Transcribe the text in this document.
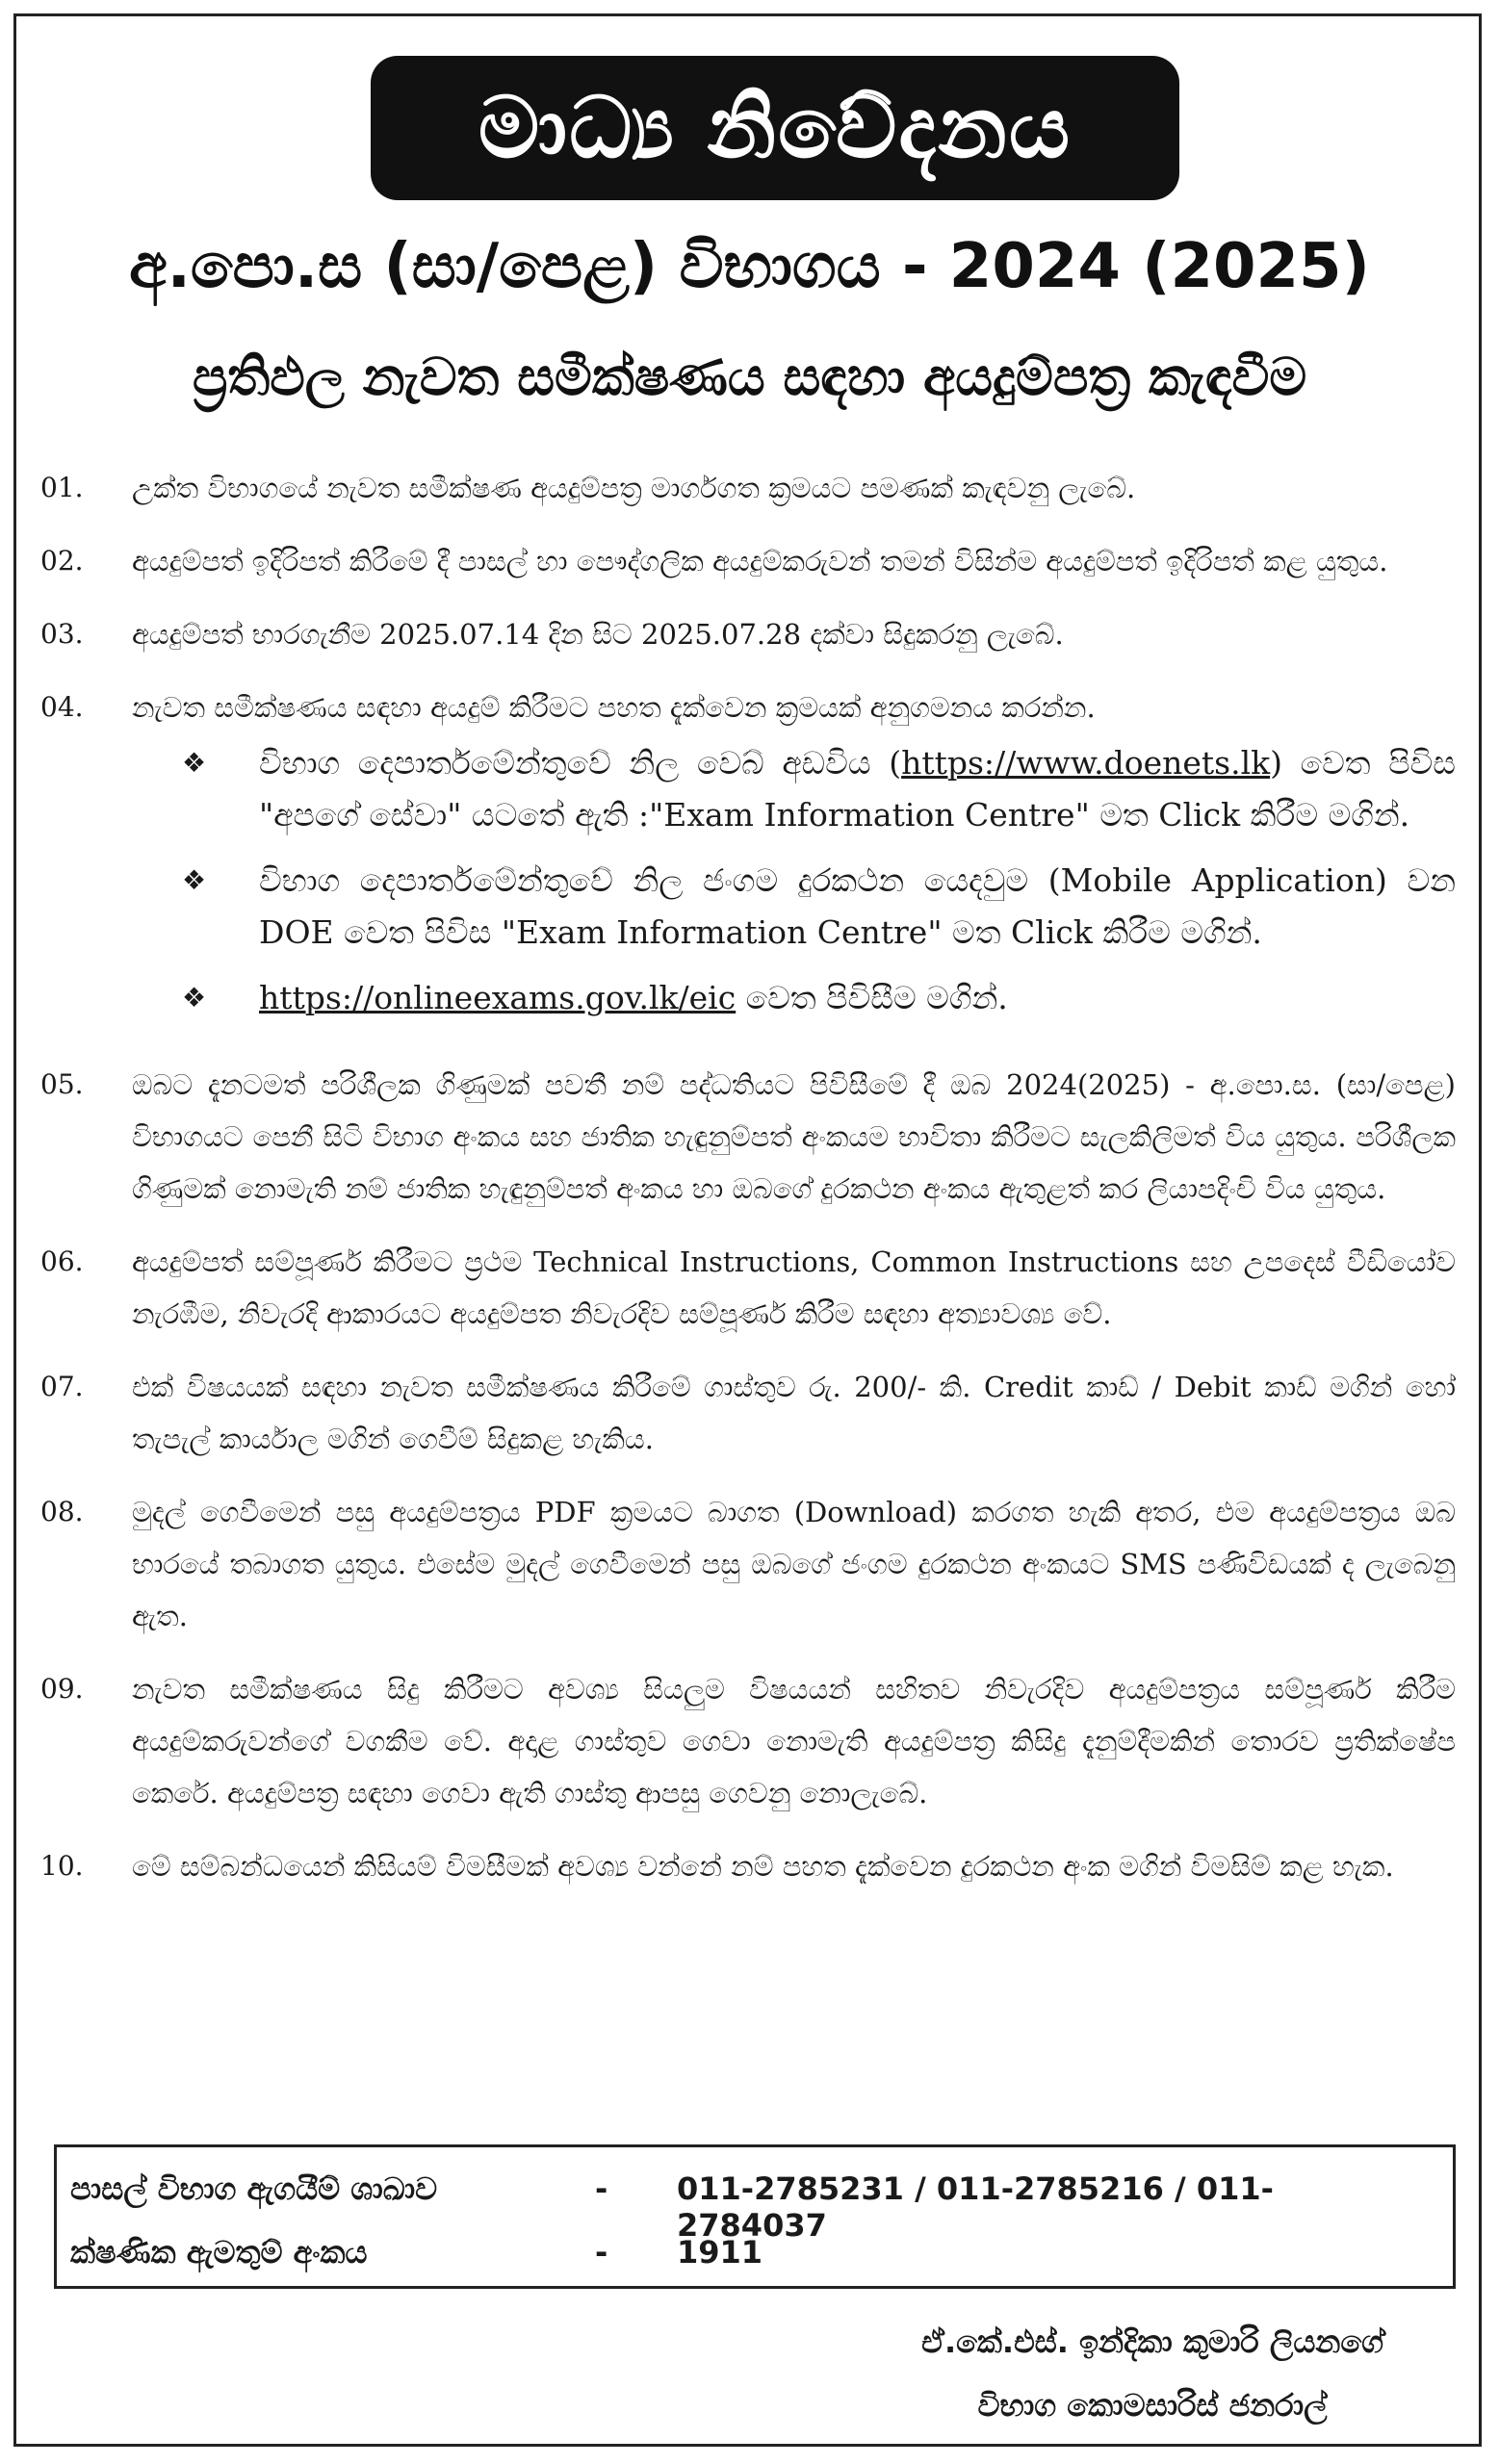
මාධ්‍ය නිවේදනය
අ.පො.ස (සා/පෙළ) විභාගය - 2024 (2025)
ප්‍රතිඵල නැවත සමීක්ෂණය සඳහා අයදුම්පත්‍ර කැඳවීම
01.	උක්ත විභාගයේ නැවත සමීක්ෂණ අයදුම්පත්‍ර මාර්ගගත ක්‍රමයට පමණක් කැඳවනු ලැබේ.
02.	අයදුම්පත් ඉදිරිපත් කිරීමේ දී පාසල් හා පෞද්ගලික අයදුම්කරුවන් තමන් විසින්ම අයදුම්පත් ඉදිරිපත් කළ යුතුය.
03.	අයදුම්පත් භාරගැනීම 2025.07.14 දින සිට 2025.07.28 දක්වා සිදුකරනු ලැබේ.
04.	නැවත සමීක්ෂණය සඳහා අයදුම් කිරීමට පහත දැක්වෙන ක්‍රමයක් අනුගමනය කරන්න.
❖	විභාග දෙපාර්තමේන්තුවේ නිල වෙබ් අඩවිය (https://www.doenets.lk) වෙත පිවිස "අපගේ සේවා" යටතේ ඇති :"Exam Information Centre" මත Click කිරීම මගින්.
❖	විභාග දෙපාර්තමේන්තුවේ නිල ජංගම දුරකථන යෙදවුම (Mobile Application) වන DOE වෙත පිවිස "Exam Information Centre" මත Click කිරීම මගින්.
❖	https://onlineexams.gov.lk/eic වෙත පිවිසීම මගින්.
05.	ඔබට දැනටමත් පරිශීලක ගිණුමක් පවතී නම් පද්ධතියට පිවිසීමේ දී ඔබ 2024(2025) - අ.පො.ස. (සා/පෙළ) විභාගයට පෙනී සිටි විභාග අංකය සහ ජාතික හැඳුනුම්පත් අංකයම භාවිතා කිරීමට සැලකිලිමත් විය යුතුය. පරිශීලක ගිණුමක් නොමැති නම් ජාතික හැඳුනුම්පත් අංකය හා ඔබගේ දුරකථන අංකය ඇතුළත් කර ලියාපදිංචි විය යුතුය.
06.	අයදුම්පත් සම්පූර්ණ කිරීමට ප්‍රථම Technical Instructions, Common Instructions සහ උපදෙස් වීඩියෝව නැරඹීම, නිවැරදි ආකාරයට අයදුම්පත නිවැරදිව සම්පූර්ණ කිරීම සඳහා අත්‍යාවශ්‍ය වේ.
07.	එක් විෂයයක් සඳහා නැවත සමීක්ෂණය කිරීමේ ගාස්තුව රු. 200/- කි. Credit කාඩ් / Debit කාඩ් මගින් හෝ තැපැල් කාර්යාල මගින් ගෙවීම් සිදුකළ හැකිය.
08.	මුදල් ගෙවීමෙන් පසු අයදුම්පත්‍රය PDF ක්‍රමයට බාගත (Download) කරගත හැකි අතර, එම අයදුම්පත්‍රය ඔබ භාරයේ තබාගත යුතුය. එසේම මුදල් ගෙවීමෙන් පසු ඔබගේ ජංගම දුරකථන අංකයට SMS පණිවිඩයක් ද ලැබෙනු ඇත.
09.	නැවත සමීක්ෂණය සිදු කිරීමට අවශ්‍ය සියලුම විෂයයන් සහිතව නිවැරදිව අයදුම්පත්‍රය සම්පූර්ණ කිරීම අයදුම්කරුවන්ගේ වගකීම වේ. අදාළ ගාස්තුව ගෙවා නොමැති අයදුම්පත්‍ර කිසිදු දැනුම්දීමකින් තොරව ප්‍රතික්ෂේප කෙරේ. අයදුම්පත්‍ර සඳහා ගෙවා ඇති ගාස්තු ආපසු ගෙවනු නොලැබේ.
10.	මේ සම්බන්ධයෙන් කිසියම් විමසීමක් අවශ්‍ය වන්නේ නම් පහත දැක්වෙන දුරකථන අංක මගින් විමසිම් කළ හැක.
පාසල් විභාග ඇගයීම් ශාඛාව	-	011-2785231 / 011-2785216 / 011-2784037
ක්ෂණික ඇමතුම් අංකය	-	1911
ඒ.කේ.එස්. ඉන්දිකා කුමාරි ලියනගේ
විභාග කොමසාරිස් ජනරාල්
